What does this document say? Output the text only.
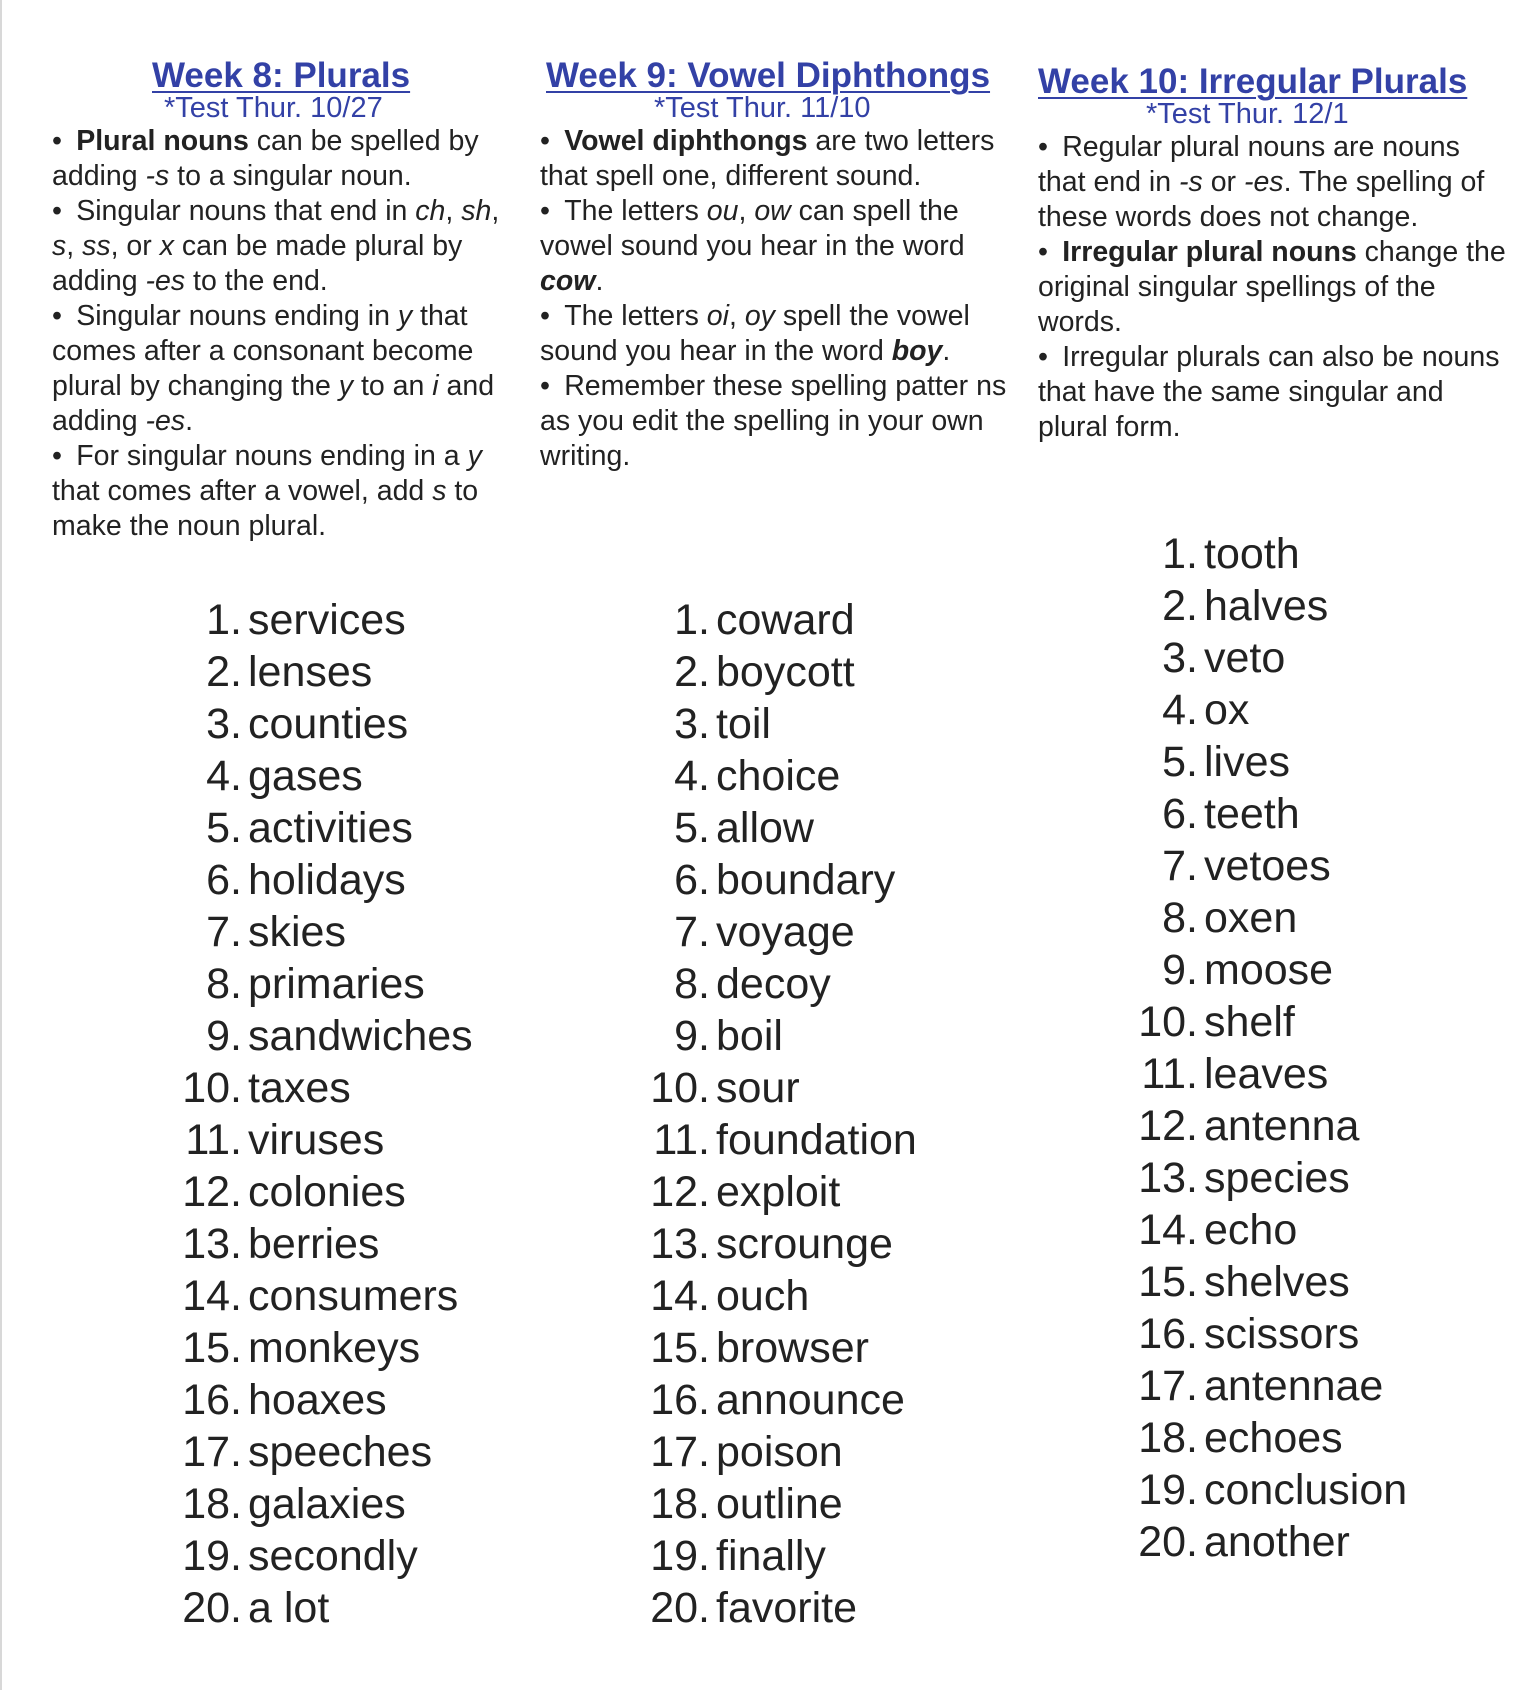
Week 8: Plurals
*Test Thur. 10/27
• Plural nouns can be spelled by adding -s to a singular noun.
• Singular nouns that end in ch, sh, s, ss, or x can be made plural by adding -es to the end.
• Singular nouns ending in y that comes after a consonant become plural by changing the y to an i and adding -es.
• For singular nouns ending in a y that comes after a vowel, add s to make the noun plural.
1. services
2. lenses
3. counties
4. gases
5. activities
6. holidays
7. skies
8. primaries
9. sandwiches
10. taxes
11. viruses
12. colonies
13. berries
14. consumers
15. monkeys
16. hoaxes
17. speeches
18. galaxies
19. secondly
20. a lot
Week 9: Vowel Diphthongs
*Test Thur. 11/10
• Vowel diphthongs are two letters that spell one, different sound.
• The letters ou, ow can spell the vowel sound you hear in the word cow.
• The letters oi, oy spell the vowel sound you hear in the word boy.
• Remember these spelling patter ns as you edit the spelling in your own writing.
1. coward
2. boycott
3. toil
4. choice
5. allow
6. boundary
7. voyage
8. decoy
9. boil
10. sour
11. foundation
12. exploit
13. scrounge
14. ouch
15. browser
16. announce
17. poison
18. outline
19. finally
20. favorite
Week 10: Irregular Plurals
*Test Thur. 12/1
• Regular plural nouns are nouns that end in -s or -es. The spelling of these words does not change.
• Irregular plural nouns change the original singular spellings of the words.
• Irregular plurals can also be nouns that have the same singular and plural form.
1. tooth
2. halves
3. veto
4. ox
5. lives
6. teeth
7. vetoes
8. oxen
9. moose
10. shelf
11. leaves
12. antenna
13. species
14. echo
15. shelves
16. scissors
17. antennae
18. echoes
19. conclusion
20. another
